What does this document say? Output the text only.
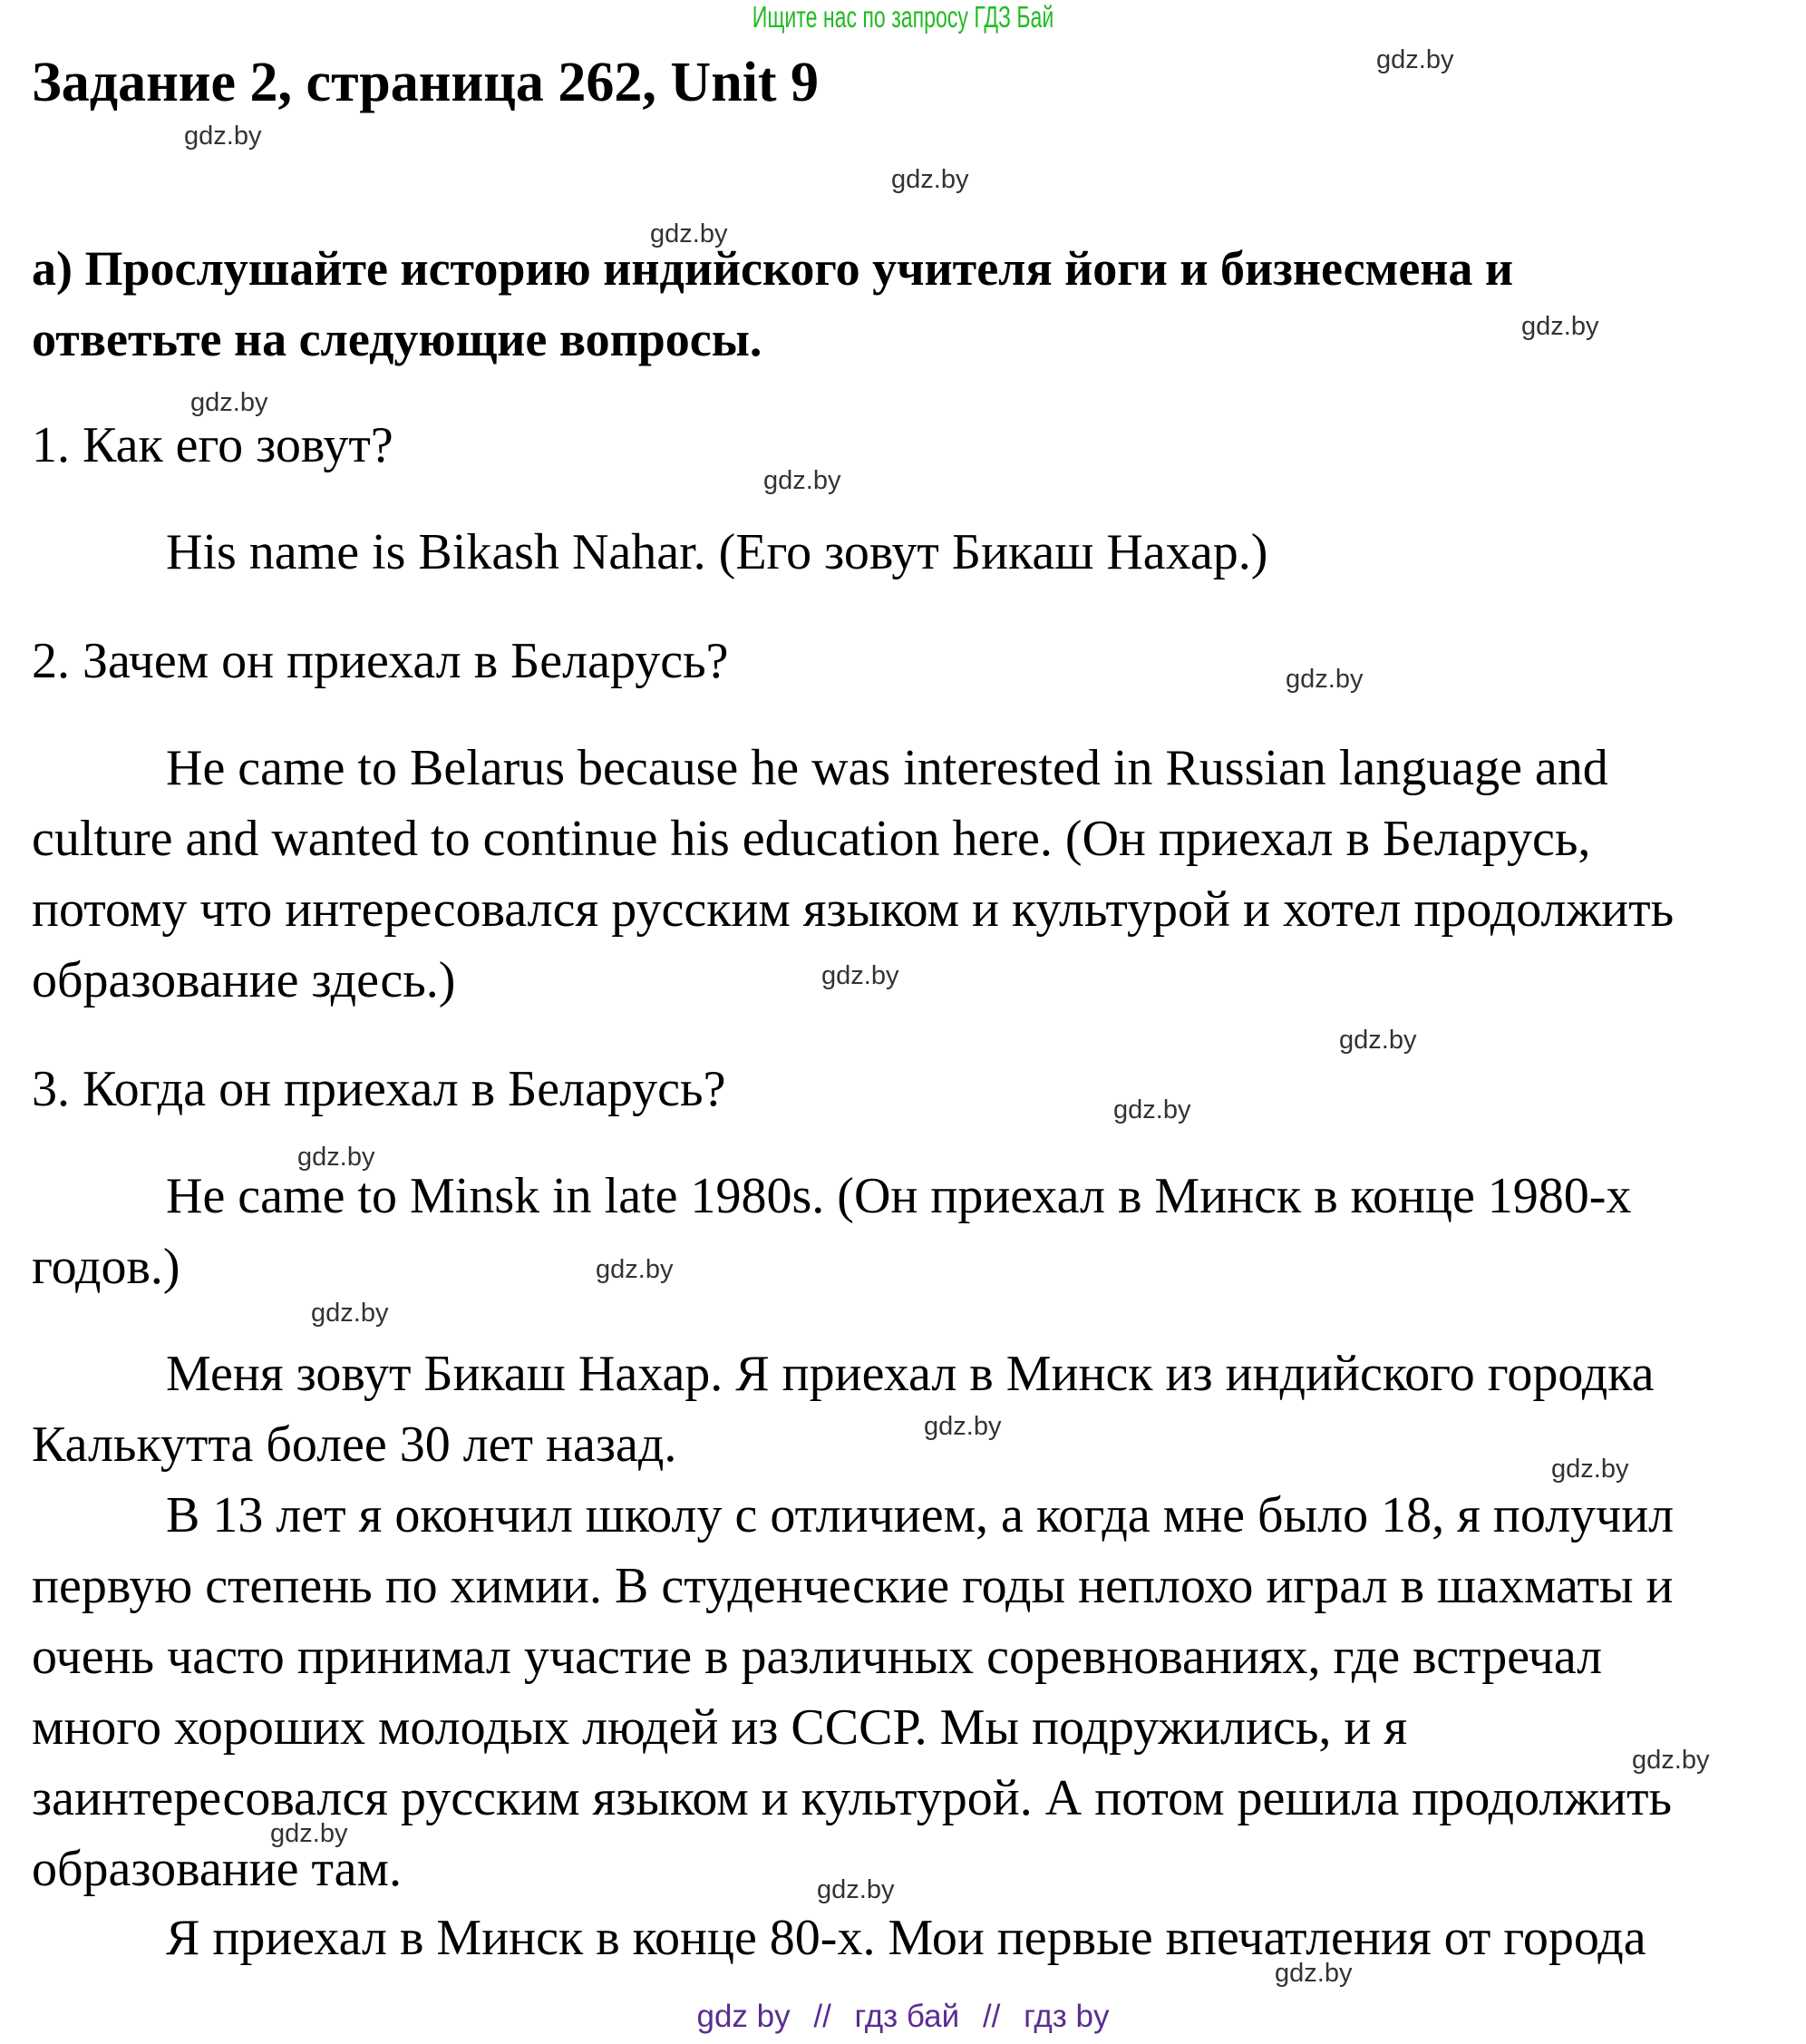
Ищите нас по запросу ГДЗ Бай
Задание 2, страница 262, Unit 9
а) Прослушайте историю индийского учителя йоги и бизнесмена и
ответьте на следующие вопросы.
1. Как его зовут?
His name is Bikash Nahar. (Его зовут Бикаш Нахар.)
2. Зачем он приехал в Беларусь?
He came to Belarus because he was interested in Russian language and
culture and wanted to continue his education here. (Он приехал в Беларусь,
потому что интересовался русским языком и культурой и хотел продолжить
образование здесь.)
3. Когда он приехал в Беларусь?
He came to Minsk in late 1980s. (Он приехал в Минск в конце 1980-х
годов.)
Меня зовут Бикаш Нахар. Я приехал в Минск из индийского городка
Калькутта более 30 лет назад.
В 13 лет я окончил школу с отличием, а когда мне было 18, я получил
первую степень по химии. В студенческие годы неплохо играл в шахматы и
очень часто принимал участие в различных соревнованиях, где встречал
много хороших молодых людей из СССР. Мы подружились, и я
заинтересовался русским языком и культурой. А потом решила продолжить
образование там.
Я приехал в Минск в конце 80-х. Мои первые впечатления от города
gdz.by
gdz.by
gdz.by
gdz.by
gdz.by
gdz.by
gdz.by
gdz.by
gdz.by
gdz.by
gdz.by
gdz.by
gdz.by
gdz.by
gdz.by
gdz.by
gdz.by
gdz.by
gdz.by
gdz.by
gdz by // гдз бай // гдз by
